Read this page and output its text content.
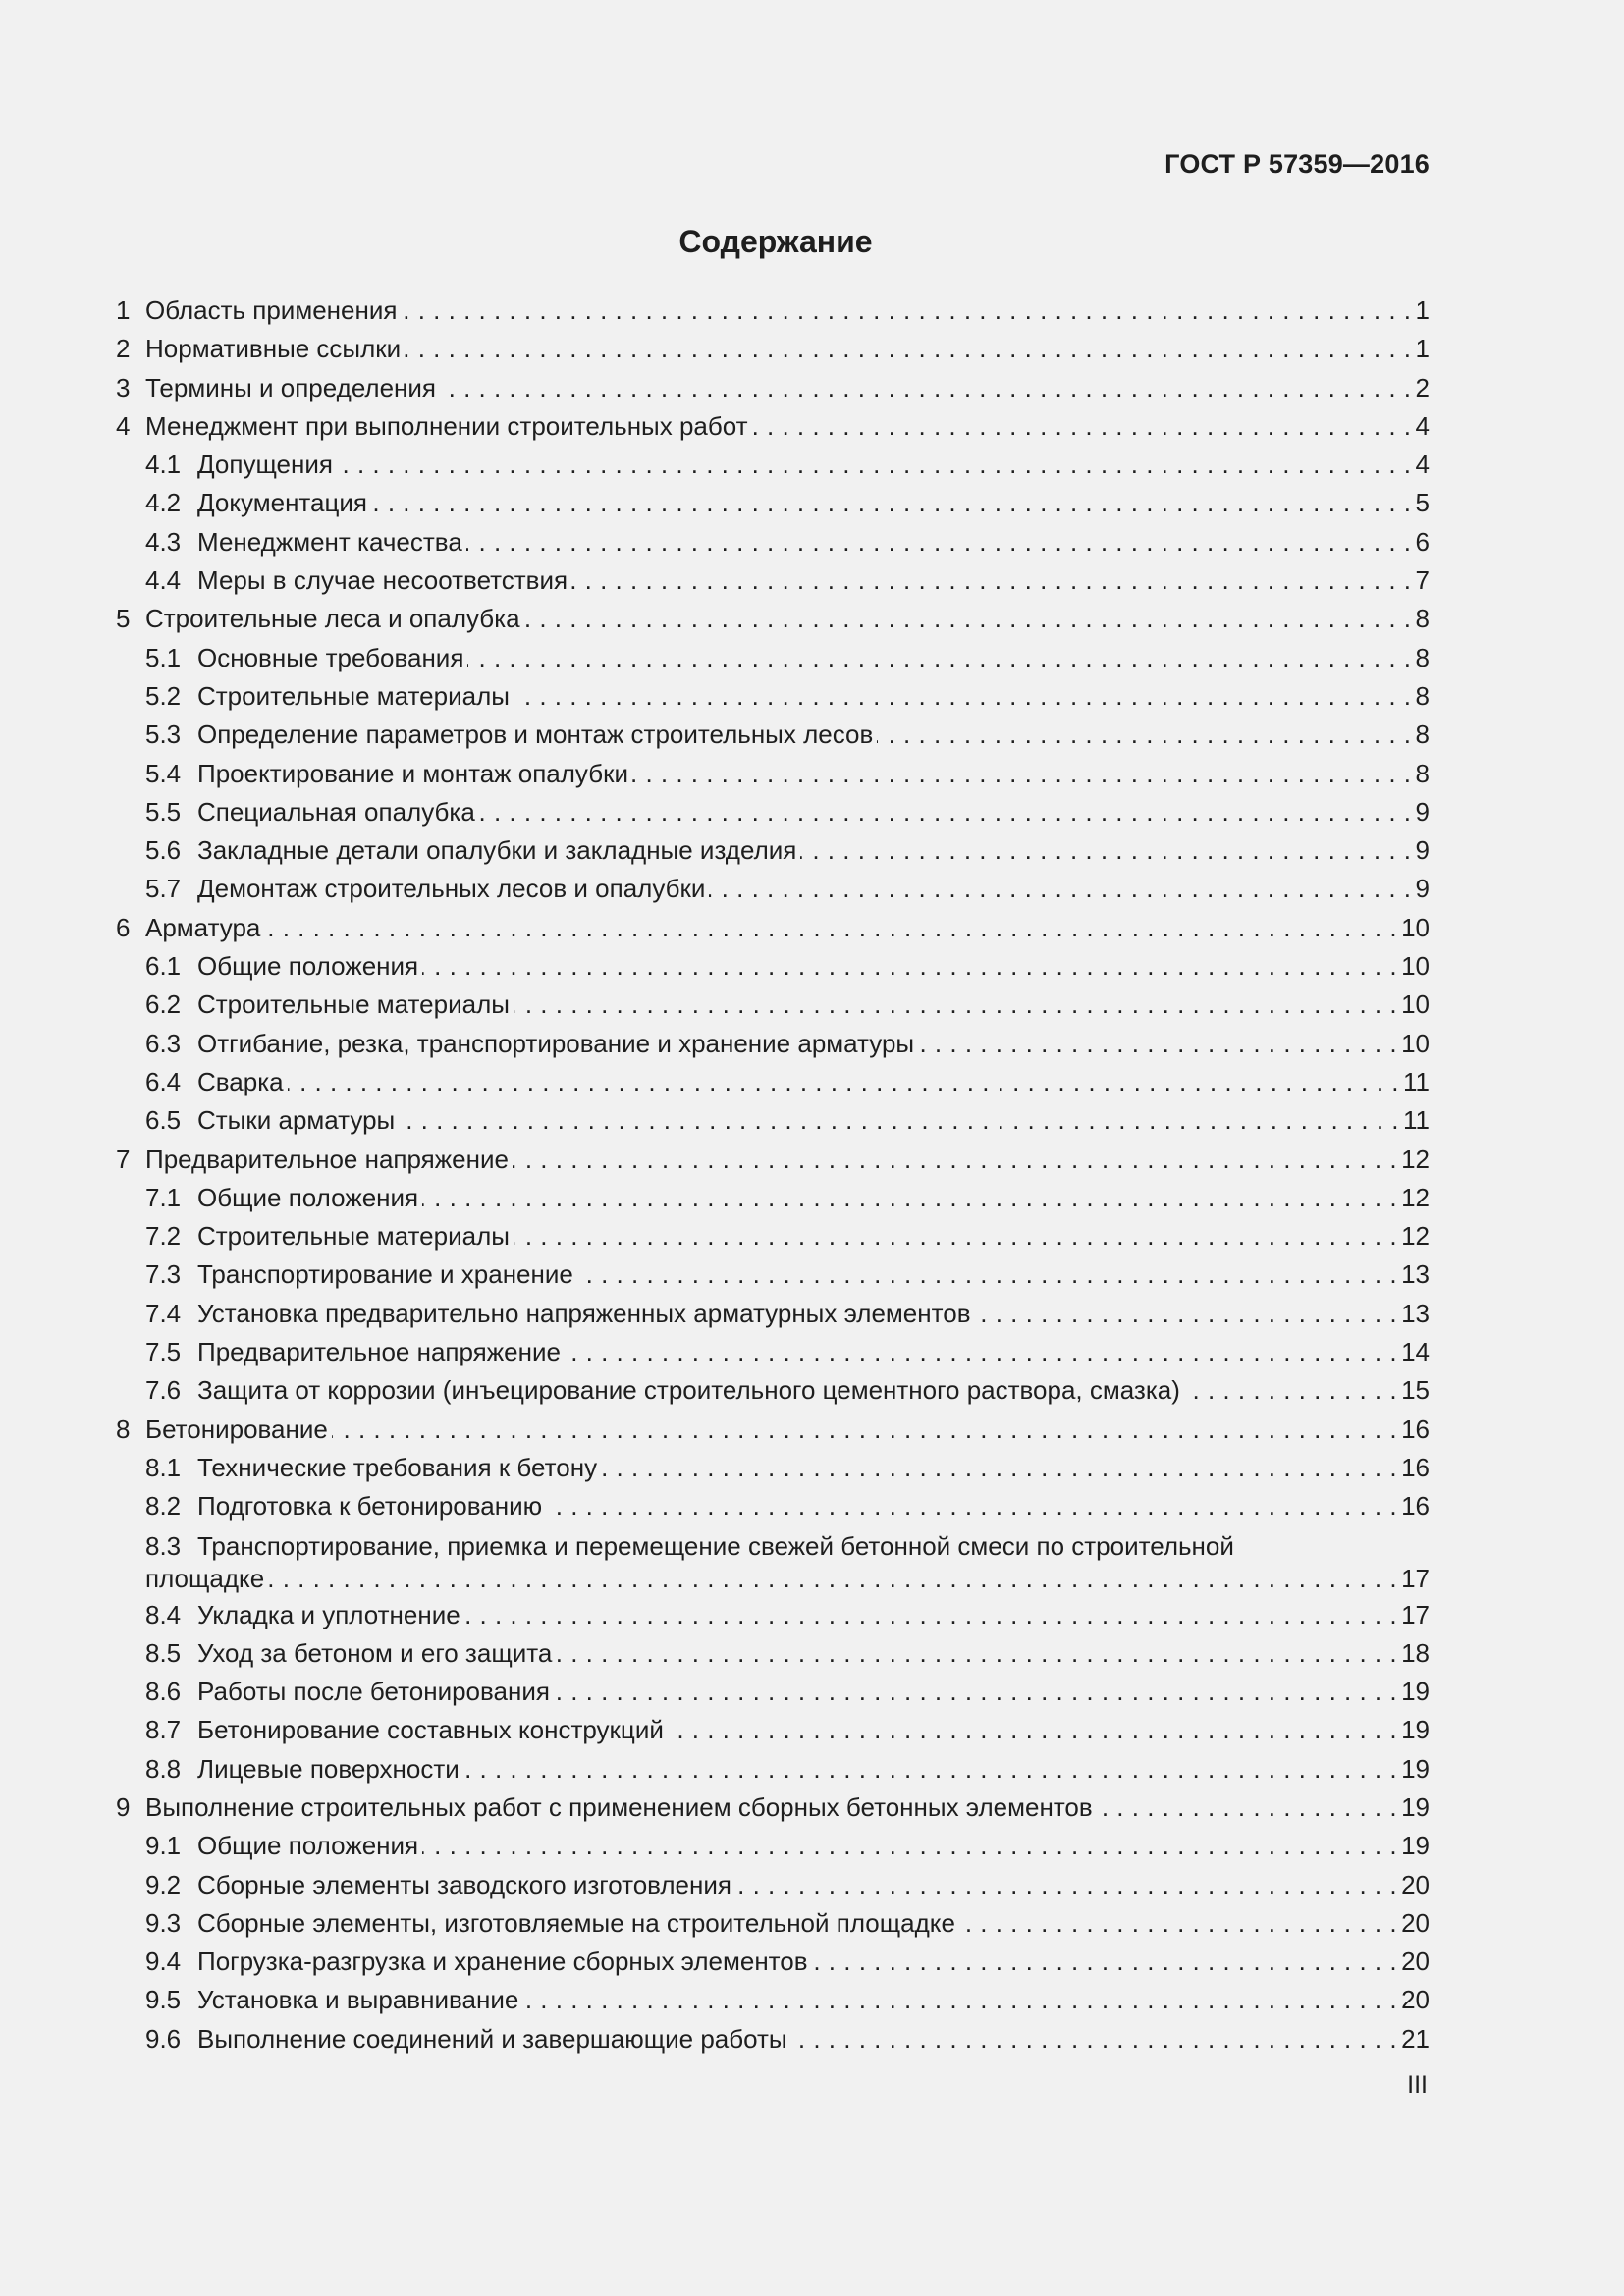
ГОСТ Р 57359—2016
Содержание
1 Область применения . . .	1
2 Нормативные ссылки . . .	1
3 Термины и определения . . .	2
4 Менеджмент при выполнении строительных работ . . .	4
4.1 Допущения . . .	4
4.2 Документация . . .	5
4.3 Менеджмент качества . . .	6
4.4 Меры в случае несоответствия . . .	7
5 Строительные леса и опалубка . . .	8
5.1 Основные требования . . .	8
5.2 Строительные материалы . . .	8
5.3 Определение параметров и монтаж строительных лесов . . .	8
5.4 Проектирование и монтаж опалубки . . .	8
5.5 Специальная опалубка . . .	9
5.6 Закладные детали опалубки и закладные изделия . . .	9
5.7 Демонтаж строительных лесов и опалубки . . .	9
6 Арматура . . .	10
6.1 Общие положения . . .	10
6.2 Строительные материалы . . .	10
6.3 Отгибание, резка, транспортирование и хранение арматуры . . .	10
6.4 Сварка . . .	11
6.5 Стыки арматуры . . .	11
7 Предварительное напряжение . . .	12
7.1 Общие положения . . .	12
7.2 Строительные материалы . . .	12
7.3 Транспортирование и хранение . . .	13
7.4 Установка предварительно напряженных арматурных элементов . . .	13
7.5 Предварительное напряжение . . .	14
7.6 Защита от коррозии (инъецирование строительного цементного раствора, смазка) . . .	15
8 Бетонирование . . .	16
8.1 Технические требования к бетону . . .	16
8.2 Подготовка к бетонированию . . .	16
8.3 Транспортирование, приемка и перемещение свежей бетонной смеси по строительной
площадке . . .	17
8.4 Укладка и уплотнение . . .	17
8.5 Уход за бетоном и его защита . . .	18
8.6 Работы после бетонирования . . .	19
8.7 Бетонирование составных конструкций . . .	19
8.8 Лицевые поверхности . . .	19
9 Выполнение строительных работ с применением сборных бетонных элементов . . .	19
9.1 Общие положения . . .	19
9.2 Сборные элементы заводского изготовления . . .	20
9.3 Сборные элементы, изготовляемые на строительной площадке . . .	20
9.4 Погрузка-разгрузка и хранение сборных элементов . . .	20
9.5 Установка и выравнивание . . .	20
9.6 Выполнение соединений и завершающие работы . . .	21
III
